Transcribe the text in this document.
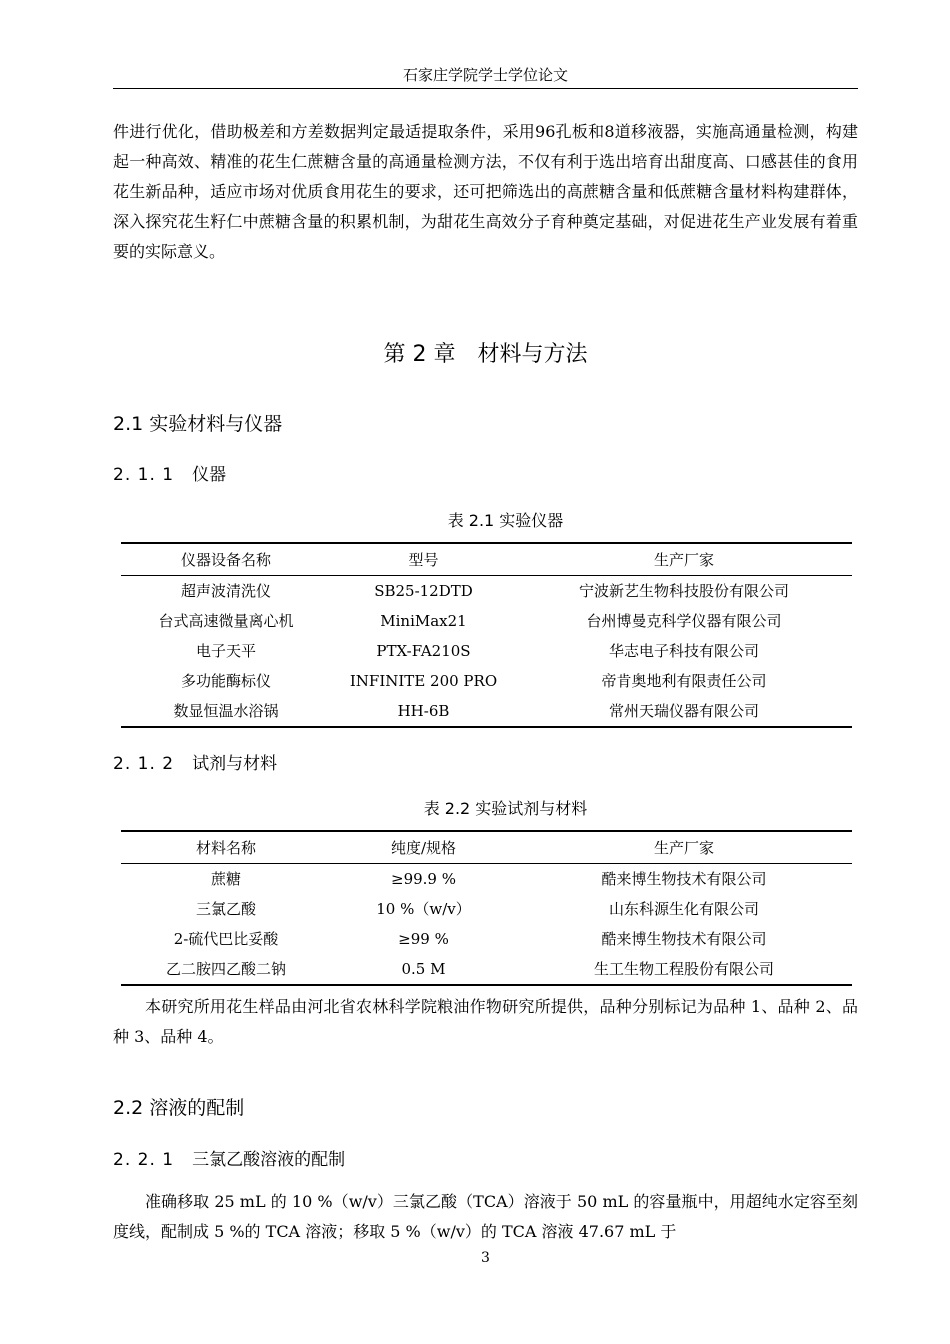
石家庄学院学士学位论文

件进行优化，借助极差和方差数据判定最适提取条件，采用96孔板和8道移液器，实施高通量检测，构建起一种高效、精准的花生仁蔗糖含量的高通量检测方法，不仅有利于选出培育出甜度高、口感甚佳的食用花生新品种，适应市场对优质食用花生的要求，还可把筛选出的高蔗糖含量和低蔗糖含量材料构建群体，深入探究花生籽仁中蔗糖含量的积累机制，为甜花生高效分子育种奠定基础，对促进花生产业发展有着重要的实际意义。

第 2 章　材料与方法
2.1 实验材料与仪器
2. 1. 1 仪器
表 2.1 实验仪器
仪器设备名称	型号	生产厂家
超声波清洗仪	SB25-12DTD	宁波新艺生物科技股份有限公司
台式高速微量离心机	MiniMax21	台州博曼克科学仪器有限公司
电子天平	PTX-FA210S	华志电子科技有限公司
多功能酶标仪	INFINITE 200 PRO	帝肯奥地利有限责任公司
数显恒温水浴锅	HH-6B	常州天瑞仪器有限公司
2. 1. 2 试剂与材料
表 2.2 实验试剂与材料
材料名称	纯度/规格	生产厂家
蔗糖	≥99.9 %	酷来博生物技术有限公司
三氯乙酸	10 %（w/v）	山东科源生化有限公司
2-硫代巴比妥酸	≥99 %	酷来博生物技术有限公司
乙二胺四乙酸二钠	0.5 M	生工生物工程股份有限公司

本研究所用花生样品由河北省农林科学院粮油作物研究所提供，品种分别标记为品种 1、品种 2、品种 3、品种 4。

2.2 溶液的配制
2. 2. 1 三氯乙酸溶液的配制

准确移取 25 mL 的 10 %（w/v）三氯乙酸（TCA）溶液于 50 mL 的容量瓶中，用超纯水定容至刻度线，配制成 5 %的 TCA 溶液；移取 5 %（w/v）的 TCA 溶液 47.67 mL 于

3
